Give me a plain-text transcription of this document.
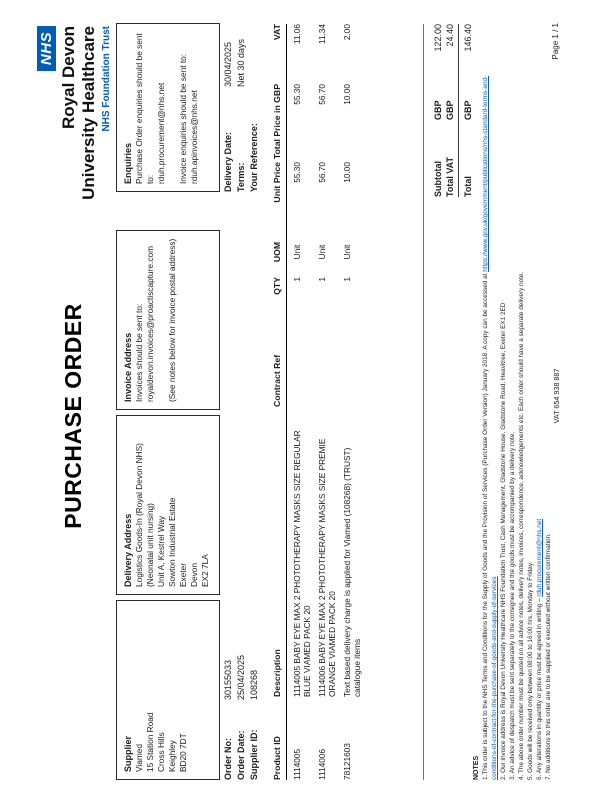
NHS Royal Devon University Healthcare NHS Foundation Trust
PURCHASE ORDER
Supplier Viamed 15 Station Road Cross Hills Keighley BD20 7DT
Delivery Address Logistics Goods-In (Royal Devon NHS) (Neonatal unit nursing) Unit A, Kestrel Way Sowton Industrial Estate Exeter Devon EX2 7LA
Invoice Address Invoices should be sent to: royaldevon.invoices@proactiscapture.com (See notes below for invoice postal address)
Enquiries Purchase Order enquiries should be sent to: rduh.procurement@nhs.net Invoice enquiries should be sent to: rduh.apinvoices@nhs.net
Order No:30155033
Order Date:25/04/2025
Supplier ID:108268
Delivery Date:30/04/2025
Terms:Net 30 days
Your Reference:
Product ID
Description
Contract Ref
QTY
UOM
Unit Price
Total Price in GBP
VAT
1114005
1114005 BABY EYE MAX 2 PHOTOTHERAPY MASKS SIZE REGULAR BLUE VIAMED PACK 20
1
Unit
55.30
55.30
11.06
1114006
1114006 BABY EYE MAX 2 PHOTOTHERAPY MASKS SIZE PREMIE ORANGE VIAMED PACK 20
1
Unit
56.70
56.70
11.34
78121603
Text based delivery charge is applied for Viamed (108268) (TRUST) catalogue items
1
Unit
10.00
10.00
2.00
Subtotal
GBP
122.00
Total VAT
GBP
24.40
Total
GBP
146.40
NOTES 1.This order is subject to the NHS Terms and Conditions for the Supply of Goods and the Provision of Services (Purchase Order Version) January 2018. A copy can be accessed at https://www.gov.uk/government/publications/nhs-standard-terms-and-
conditions-of-contract-for-the-purchase-of-goods-and-supply-of-services 2. Our invoice address is Royal Devon University Healthcare NHS Foundation Trust, Cash Management, Gladstone House, Gladstone Road, Heavitree, Exeter EX1 2ED 3. An advice of despatch must be sent separately to the consignee and the goods must be accompanied by a delivery note. 4. The above order number must be quoted on all advice notes, delivery notes, invoices, correspondence, acknowledgements etc. Each order should have a separate delivery note. 5. Goods will be received only between 08:00 to 16:00 hrs, Monday to Friday. 6. Any alterations in quantity or price must be agreed in writing – rduh.procurement@nhs.net 7. No additions to this order are to be supplied or executed without written confirmation.
VAT 654 938 887
Page 1 / 1
